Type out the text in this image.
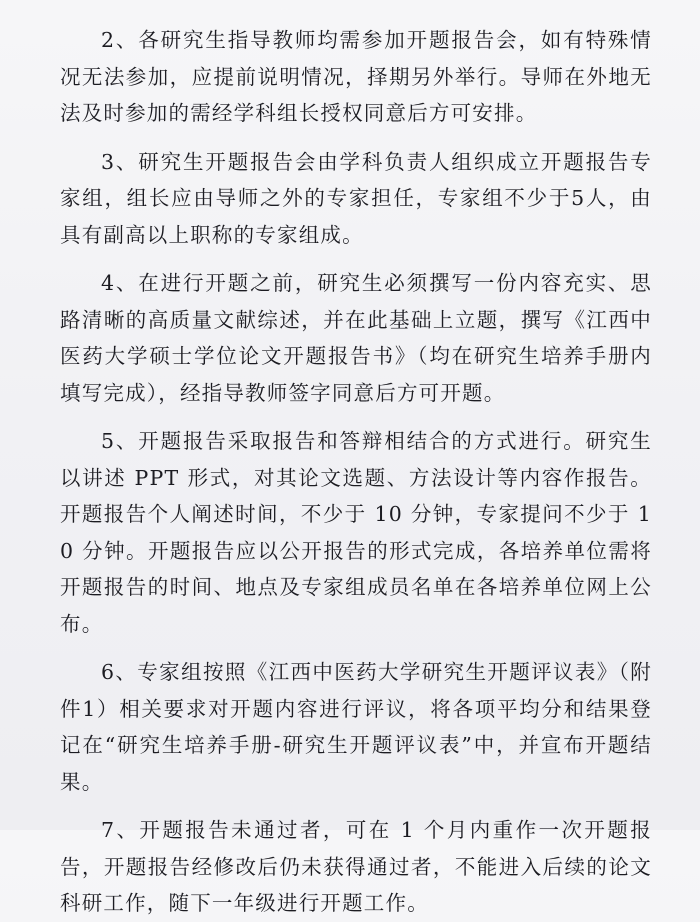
2、各研究生指导教师均需参加开题报告会，如有特殊情况无法参加，应提前说明情况，择期另外举行。导师在外地无法及时参加的需经学科组长授权同意后方可安排。

3、研究生开题报告会由学科负责人组织成立开题报告专家组，组长应由导师之外的专家担任，专家组不少于5人，由具有副高以上职称的专家组成。

4、在进行开题之前，研究生必须撰写一份内容充实、思路清晰的高质量文献综述，并在此基础上立题，撰写《江西中医药大学硕士学位论文开题报告书》（均在研究生培养手册内填写完成），经指导教师签字同意后方可开题。

5、开题报告采取报告和答辩相结合的方式进行。研究生以讲述 PPT 形式，对其论文选题、方法设计等内容作报告。开题报告个人阐述时间，不少于 10 分钟，专家提问不少于 10 分钟。开题报告应以公开报告的形式完成，各培养单位需将开题报告的时间、地点及专家组成员名单在各培养单位网上公布。

6、专家组按照《江西中医药大学研究生开题评议表》（附件1）相关要求对开题内容进行评议，将各项平均分和结果登记在“研究生培养手册-研究生开题评议表”中，并宣布开题结果。

7、开题报告未通过者，可在 1 个月内重作一次开题报告，开题报告经修改后仍未获得通过者，不能进入后续的论文科研工作，随下一年级进行开题工作。
